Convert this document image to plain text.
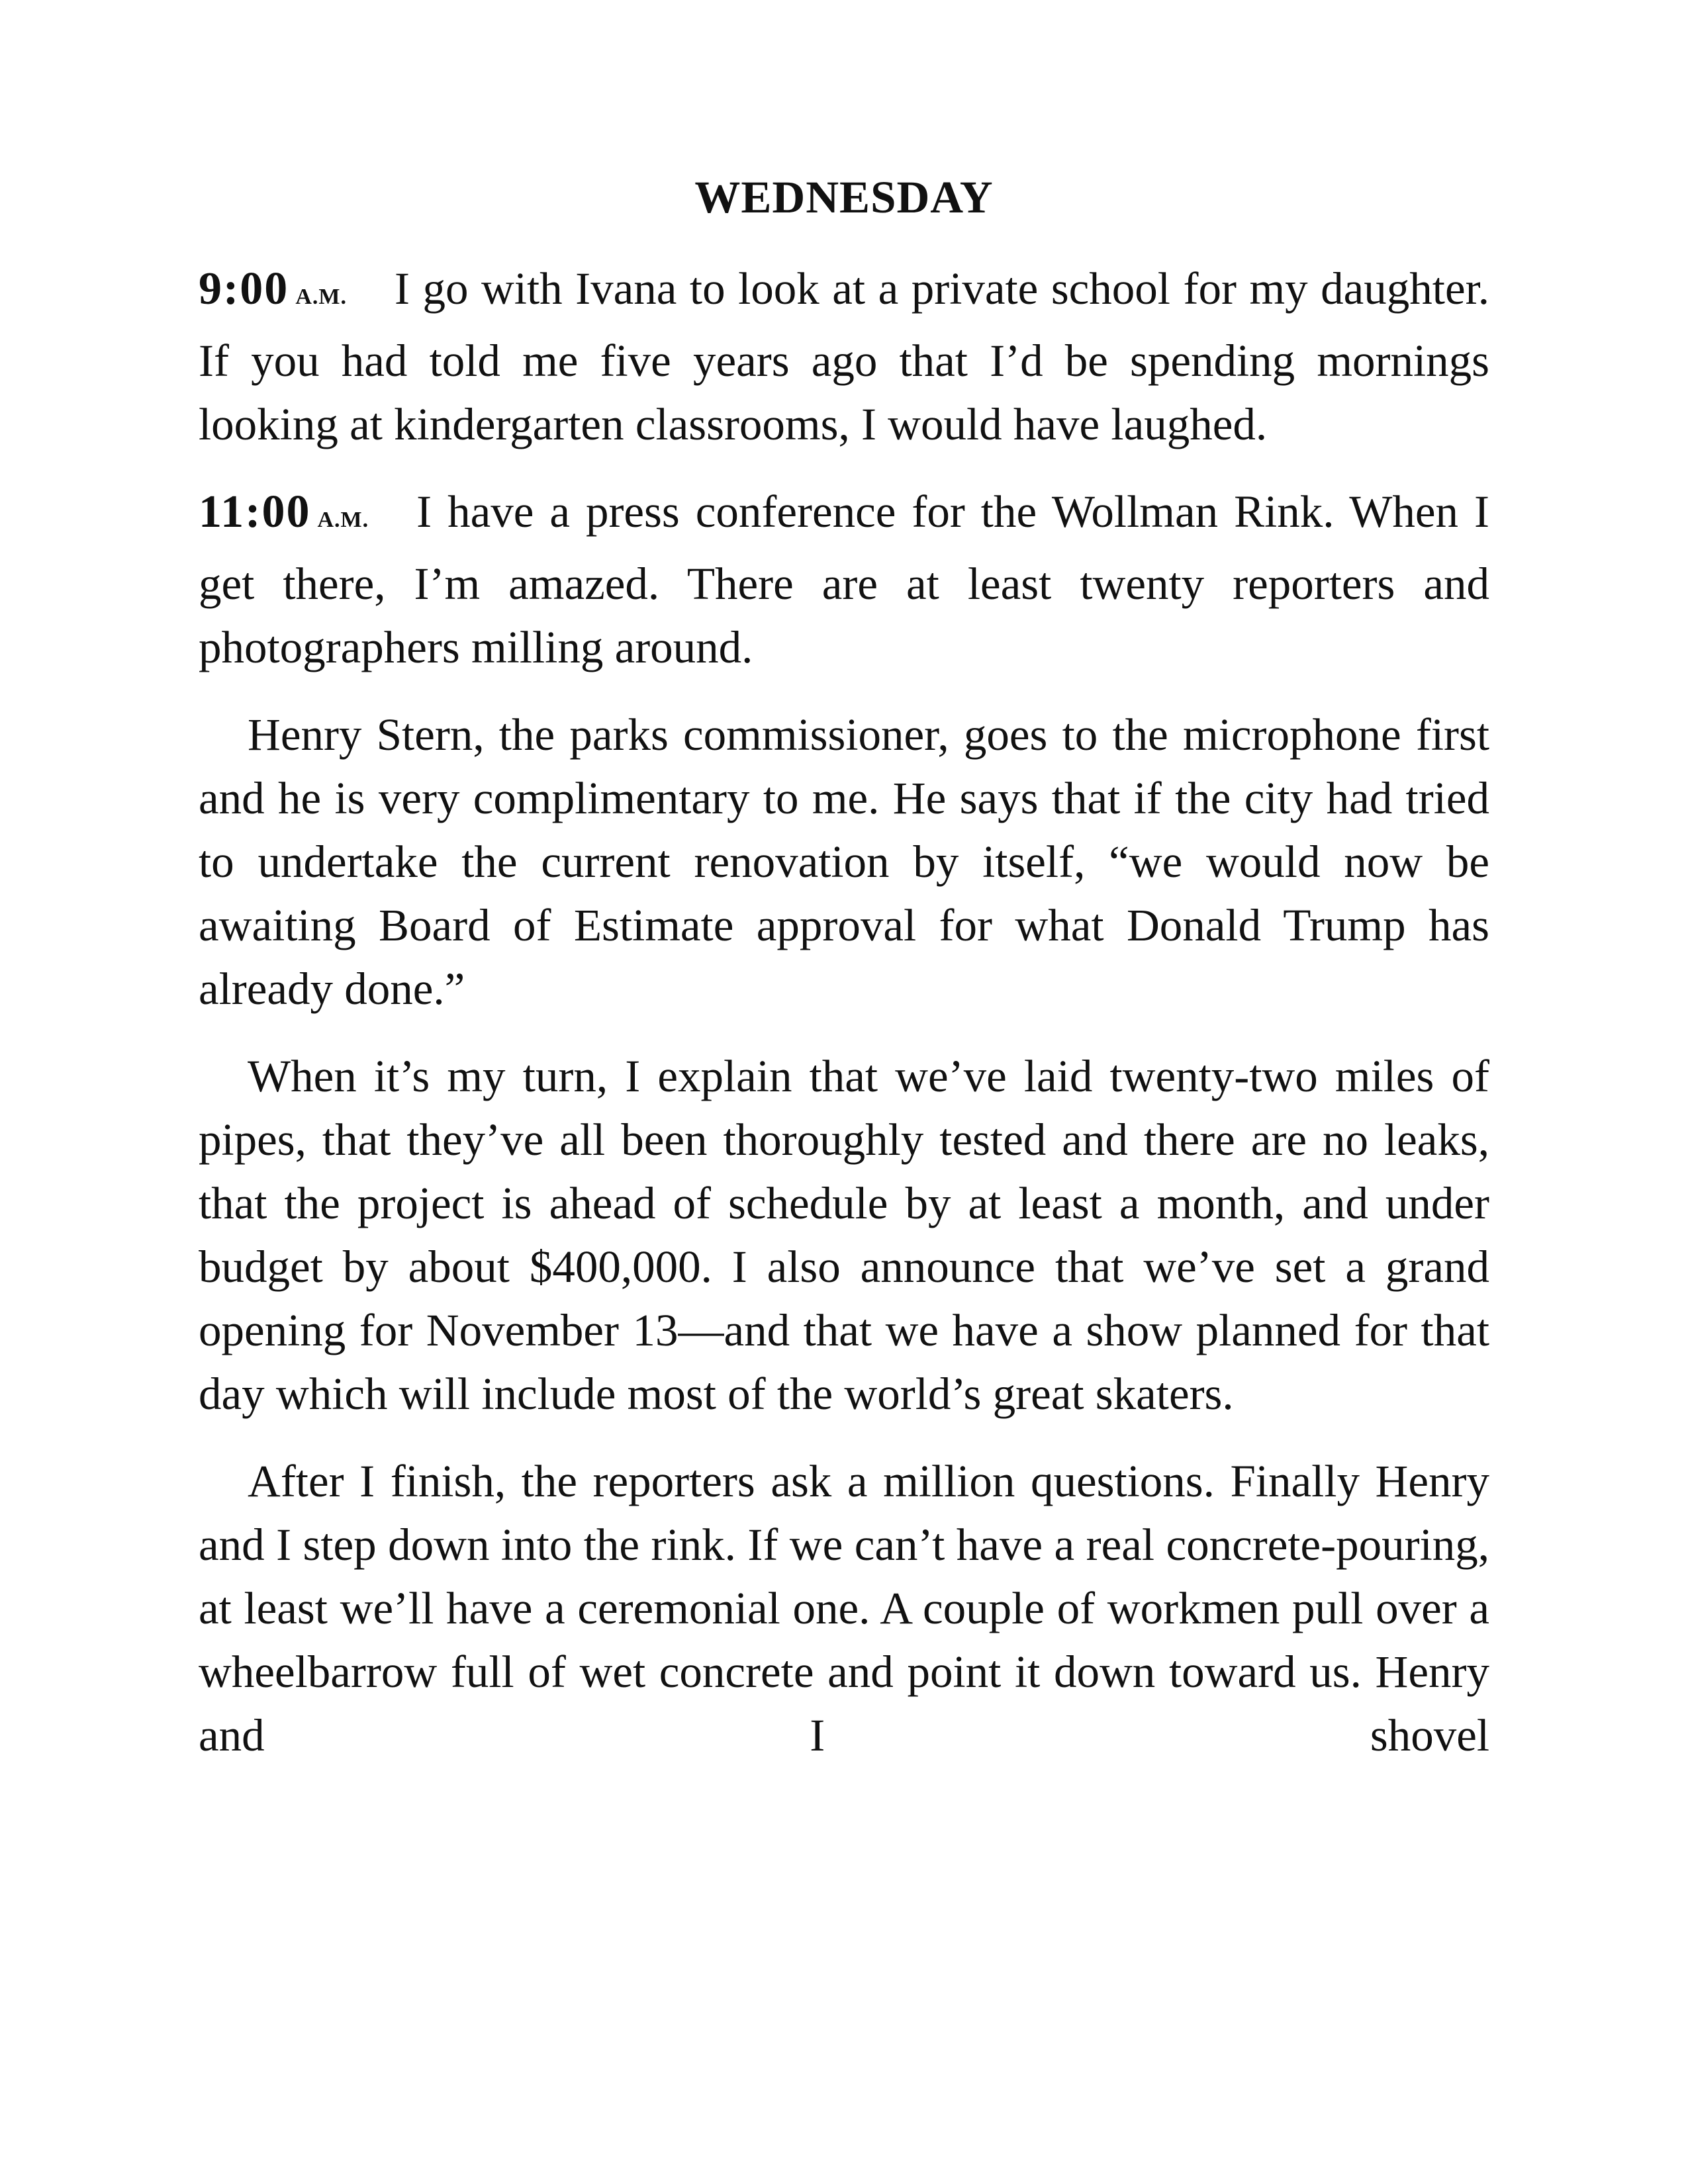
WEDNESDAY

9:00 A.M. I go with Ivana to look at a private school for my daughter. If you had told me five years ago that I’d be spending mornings looking at kindergarten classrooms, I would have laughed.

11:00 A.M. I have a press conference for the Wollman Rink. When I get there, I’m amazed. There are at least twenty reporters and photographers milling around.

Henry Stern, the parks commissioner, goes to the microphone first and he is very complimentary to me. He says that if the city had tried to undertake the current renovation by itself, “we would now be awaiting Board of Estimate approval for what Donald Trump has already done.”

When it’s my turn, I explain that we’ve laid twenty-two miles of pipes, that they’ve all been thoroughly tested and there are no leaks, that the project is ahead of schedule by at least a month, and under budget by about $400,000. I also announce that we’ve set a grand opening for November 13—and that we have a show planned for that day which will include most of the world’s great skaters.

After I finish, the reporters ask a million questions. Finally Henry and I step down into the rink. If we can’t have a real concrete-pouring, at least we’ll have a ceremonial one. A couple of workmen pull over a wheelbarrow full of wet concrete and point it down toward us. Henry and I shovel
